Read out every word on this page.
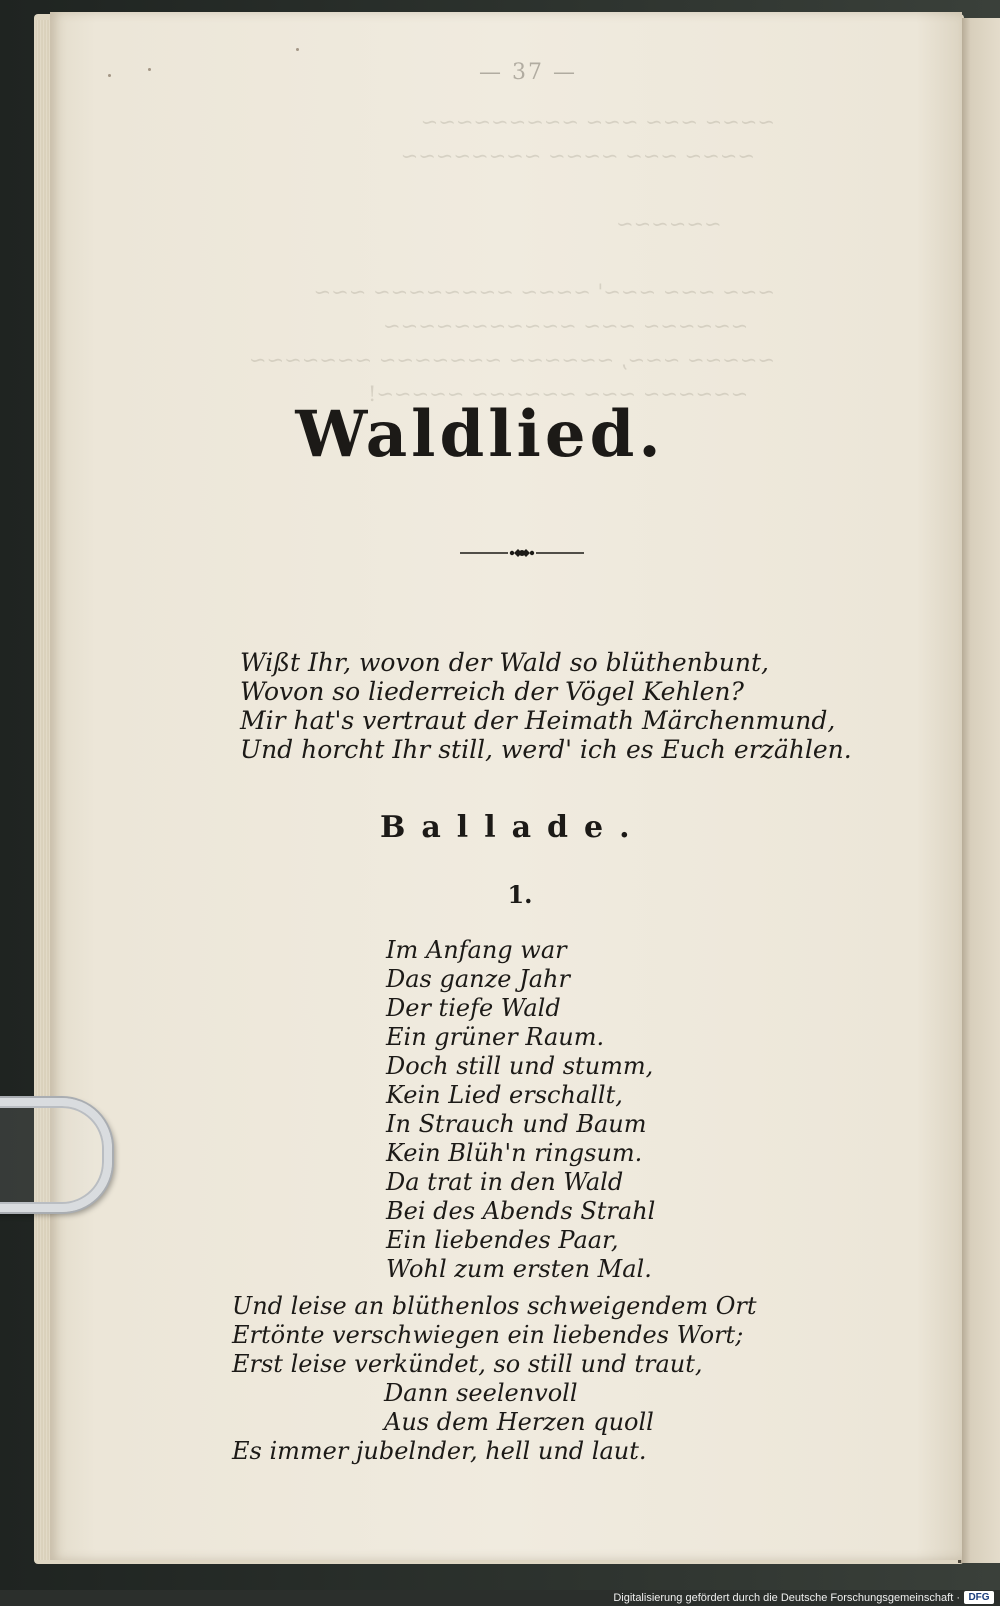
— 37 —
Waldlied.
Wißt Ihr, wovon der Wald so blüthenbunt,
Wovon so liederreich der Vögel Kehlen?
Mir hat's vertraut der Heimath Märchenmund,
Und horcht Ihr still, werd' ich es Euch erzählen.
Ballade.
1.
Im Anfang war
Das ganze Jahr
Der tiefe Wald
Ein grüner Raum.
Doch still und stumm,
Kein Lied erschallt,
In Strauch und Baum
Kein Blüh'n ringsum.
Da trat in den Wald
Bei des Abends Strahl
Ein liebendes Paar,
Wohl zum ersten Mal.
Und leise an blüthenlos schweigendem Ort
Ertönte verschwiegen ein liebendes Wort;
Erst leise verkündet, so still und traut,
Dann seelenvoll
Aus dem Herzen quoll
Es immer jubelnder, hell und laut.
Digitalisierung gefördert durch die Deutsche Forschungsgemeinschaft · DFG
